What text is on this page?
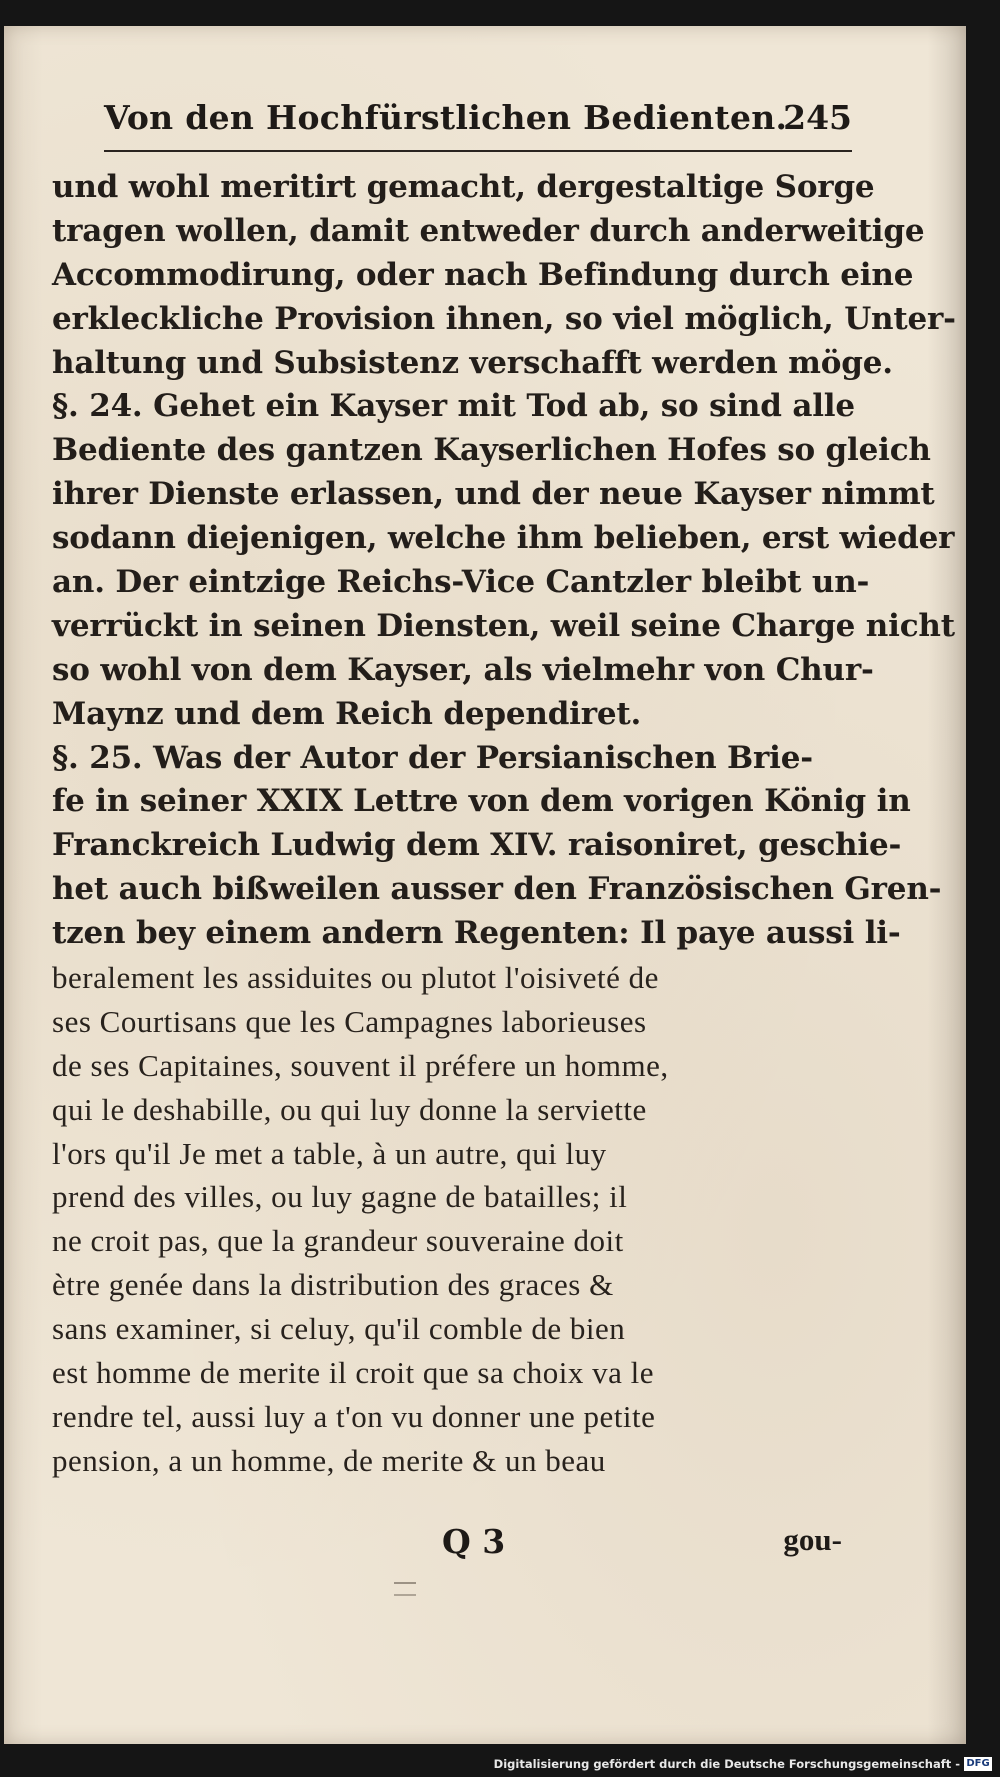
Von den Hochfürstlichen Bedienten.
245
und wohl meritirt gemacht, dergestaltige Sorge
tragen wollen, damit entweder durch anderweitige
Accommodirung, oder nach Befindung durch eine
erkleckliche Provision ihnen, so viel möglich, Unter-
haltung und Subsistenz verschafft werden möge.
§. 24. Gehet ein Kayser mit Tod ab, so sind alle
Bediente des gantzen Kayserlichen Hofes so gleich
ihrer Dienste erlassen, und der neue Kayser nimmt
sodann diejenigen, welche ihm belieben, erst wieder
an. Der eintzige Reichs-Vice Cantzler bleibt un-
verrückt in seinen Diensten, weil seine Charge nicht
so wohl von dem Kayser, als vielmehr von Chur-
Maynz und dem Reich dependiret.
§. 25. Was der Autor der Persianischen Brie-
fe in seiner XXIX Lettre von dem vorigen König in
Franckreich Ludwig dem XIV. raisoniret, geschie-
het auch bißweilen ausser den Französischen Gren-
tzen bey einem andern Regenten: Il paye aussi li-
beralement les assiduites ou plutot l'oisiveté de
ses Courtisans que les Campagnes laborieuses
de ses Capitaines, souvent il préfere un homme,
qui le deshabille, ou qui luy donne la serviette
l'ors qu'il Je met a table, à un autre, qui luy
prend des villes, ou luy gagne de batailles; il
ne croit pas, que la grandeur souveraine doit
ètre genée dans la distribution des graces &
sans examiner, si celuy, qu'il comble de bien
est homme de merite il croit que sa choix va le
rendre tel, aussi luy a t'on vu donner une petite
pension, a un homme, de merite & un beau
Q 3	gou-
Digitalisierung gefördert durch die Deutsche Forschungsgemeinschaft - DFG
